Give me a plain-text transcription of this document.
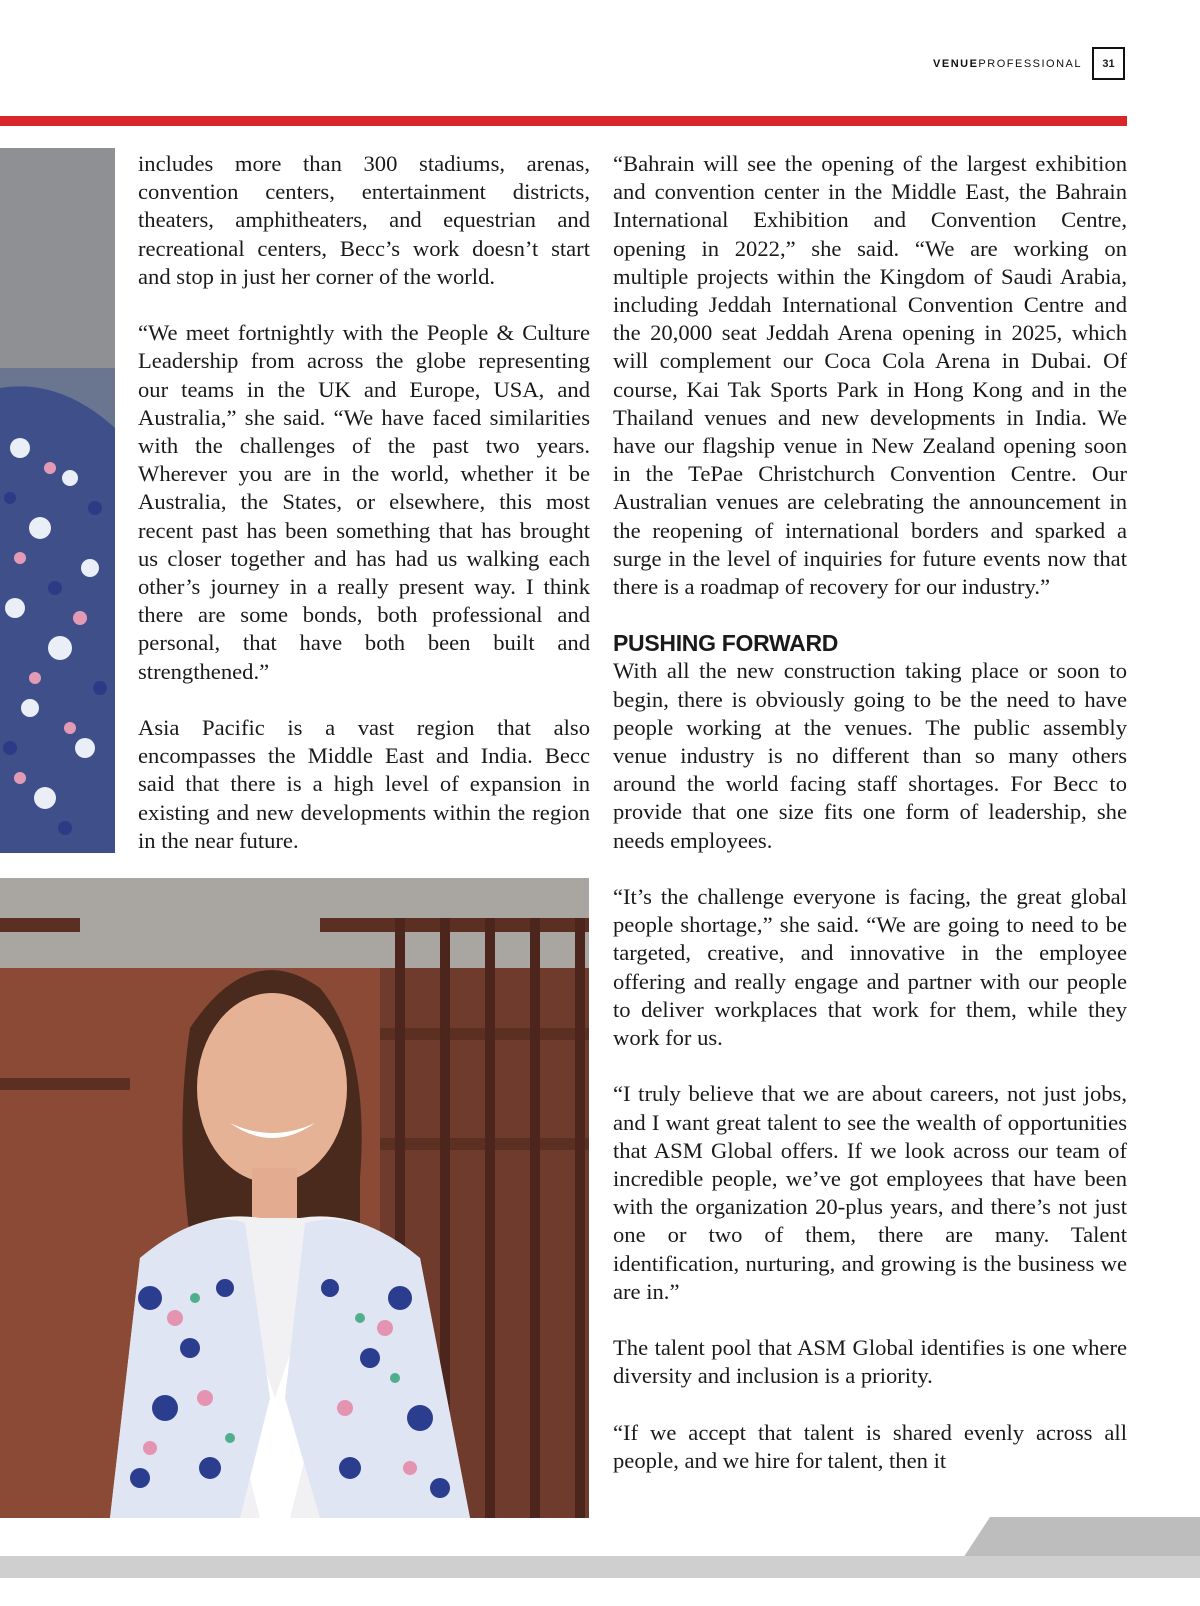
VENUEPROFESSIONAL	31

includes more than 300 stadiums, arenas, convention centers, entertainment districts, theaters, amphitheaters, and equestrian and recreational centers, Becc’s work doesn’t start and stop in just her corner of the world.

“We meet fortnightly with the People & Culture Leadership from across the globe representing our teams in the UK and Europe, USA, and Australia,” she said. “We have faced similarities with the challenges of the past two years. Wherever you are in the world, whether it be Australia, the States, or elsewhere, this most recent past has been something that has brought us closer together and has had us walking each other’s journey in a really present way. I think there are some bonds, both professional and personal, that have both been built and strengthened.”

Asia Pacific is a vast region that also encompasses the Middle East and India. Becc said that there is a high level of expansion in existing and new developments within the region in the near future.

“Bahrain will see the opening of the largest exhibition and convention center in the Middle East, the Bahrain International Exhibition and Convention Centre, opening in 2022,” she said. “We are working on multiple projects within the Kingdom of Saudi Arabia, including Jeddah International Convention Centre and the 20,000 seat Jeddah Arena opening in 2025, which will complement our Coca Cola Arena in Dubai. Of course, Kai Tak Sports Park in Hong Kong and in the Thailand venues and new developments in India. We have our flagship venue in New Zealand opening soon in the TePae Christchurch Convention Centre. Our Australian venues are celebrating the announcement in the reopening of international borders and sparked a surge in the level of inquiries for future events now that there is a roadmap of recovery for our industry.”

PUSHING FORWARD

With all the new construction taking place or soon to begin, there is obviously going to be the need to have people working at the venues. The public assembly venue industry is no different than so many others around the world facing staff shortages. For Becc to provide that one size fits one form of leadership, she needs employees.

“It’s the challenge everyone is facing, the great global people shortage,” she said. “We are going to need to be targeted, creative, and innovative in the employee offering and really engage and partner with our people to deliver workplaces that work for them, while they work for us.

“I truly believe that we are about careers, not just jobs, and I want great talent to see the wealth of opportunities that ASM Global offers. If we look across our team of incredible people, we’ve got employees that have been with the organization 20-plus years, and there’s not just one or two of them, there are many. Talent identification, nurturing, and growing is the business we are in.”

The talent pool that ASM Global identifies is one where diversity and inclusion is a priority.

“If we accept that talent is shared evenly across all people, and we hire for talent, then it
